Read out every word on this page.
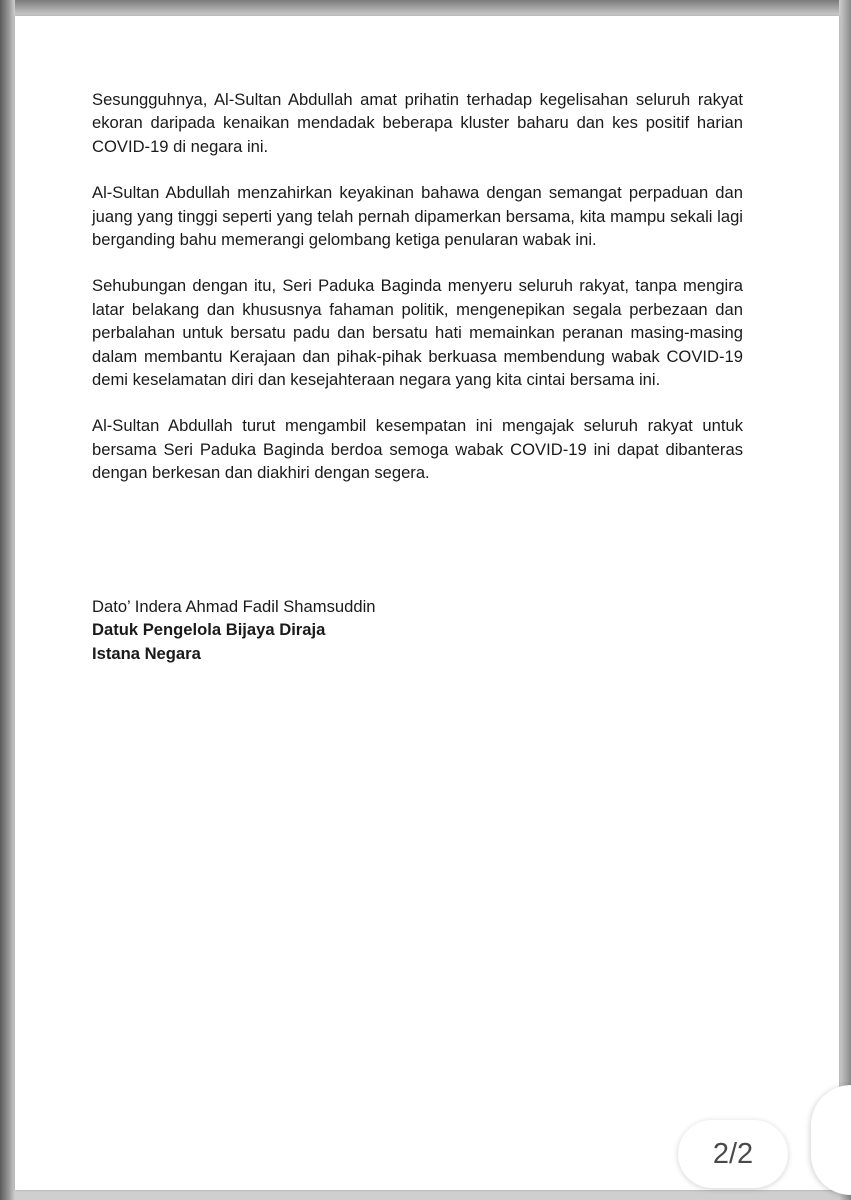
Sesungguhnya, Al-Sultan Abdullah amat prihatin terhadap kegelisahan seluruh rakyat ekoran daripada kenaikan mendadak beberapa kluster baharu dan kes positif harian COVID-19 di negara ini.

Al-Sultan Abdullah menzahirkan keyakinan bahawa dengan semangat perpaduan dan juang yang tinggi seperti yang telah pernah dipamerkan bersama, kita mampu sekali lagi berganding bahu memerangi gelombang ketiga penularan wabak ini.

Sehubungan dengan itu, Seri Paduka Baginda menyeru seluruh rakyat, tanpa mengira latar belakang dan khususnya fahaman politik, mengenepikan segala perbezaan dan perbalahan untuk bersatu padu dan bersatu hati memainkan peranan masing-masing dalam membantu Kerajaan dan pihak-pihak berkuasa membendung wabak COVID-19 demi keselamatan diri dan kesejahteraan negara yang kita cintai bersama ini.

Al-Sultan Abdullah turut mengambil kesempatan ini mengajak seluruh rakyat untuk bersama Seri Paduka Baginda berdoa semoga wabak COVID-19 ini dapat dibanteras dengan berkesan dan diakhiri dengan segera.

Dato’ Indera Ahmad Fadil Shamsuddin
Datuk Pengelola Bijaya Diraja
Istana Negara
2/2
